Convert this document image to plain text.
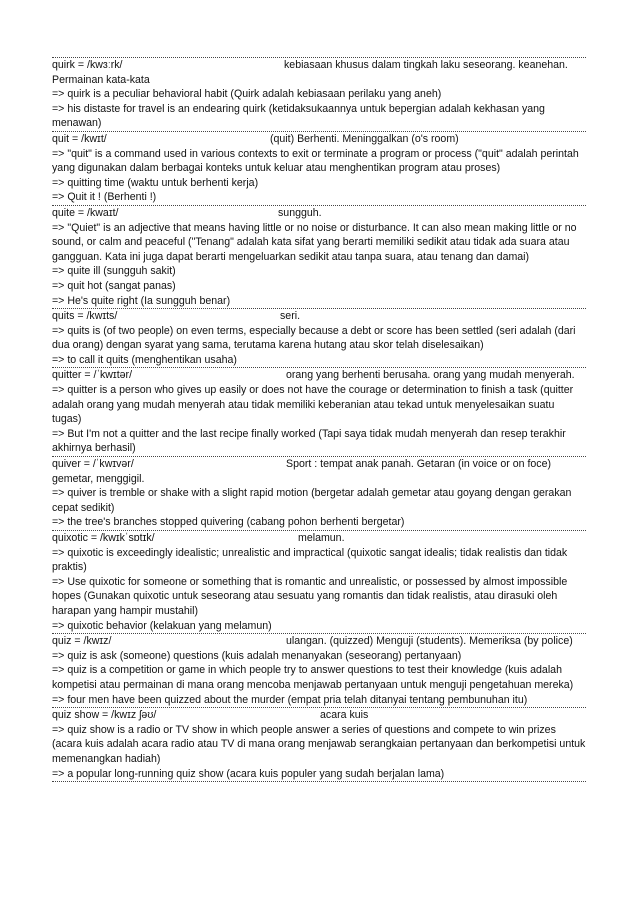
quirk = /kwɜːrk/	kebiasaan khusus dalam tingkah laku seseorang. keanehan. Permainan kata-kata
=> quirk is a peculiar behavioral habit (Quirk adalah kebiasaan perilaku yang aneh)
=> his distaste for travel is an endearing quirk (ketidaksukaannya untuk bepergian adalah kekhasan yang menawan)
quit = /kwɪt/	(quit) Berhenti. Meninggalkan (o's room)
=> "quit" is a command used in various contexts to exit or terminate a program or process ("quit" adalah perintah yang digunakan dalam berbagai konteks untuk keluar atau menghentikan program atau proses)
=> quitting time (waktu untuk berhenti kerja)
=> Quit it ! (Berhenti !)
quite = /kwaɪt/	sungguh.
=> "Quiet" is an adjective that means having little or no noise or disturbance. It can also mean making little or no sound, or calm and peaceful ("Tenang" adalah kata sifat yang berarti memiliki sedikit atau tidak ada suara atau gangguan. Kata ini juga dapat berarti mengeluarkan sedikit atau tanpa suara, atau tenang dan damai)
=> quite ill (sungguh sakit)
=> quit hot (sangat panas)
=> He's quite right (Ia sungguh benar)
quits = /kwɪts/	seri.
=> quits is (of two people) on even terms, especially because a debt or score has been settled (seri adalah (dari dua orang) dengan syarat yang sama, terutama karena hutang atau skor telah diselesaikan)
=> to call it quits (menghentikan usaha)
quitter = /ˈkwɪtər/	orang yang berhenti berusaha. orang yang mudah menyerah.
=> quitter is a person who gives up easily or does not have the courage or determination to finish a task (quitter adalah orang yang mudah menyerah atau tidak memiliki keberanian atau tekad untuk menyelesaikan suatu tugas)
=> But I'm not a quitter and the last recipe finally worked (Tapi saya tidak mudah menyerah dan resep terakhir akhirnya berhasil)
quiver = /ˈkwɪvər/	Sport : tempat anak panah. Getaran (in voice or on foce) gemetar, menggigil.
=> quiver is tremble or shake with a slight rapid motion (bergetar adalah gemetar atau goyang dengan gerakan cepat sedikit)
=> the tree's branches stopped quivering (cabang pohon berhenti bergetar)
quixotic = /kwɪkˈsɒtɪk/	melamun.
=> quixotic is exceedingly idealistic; unrealistic and impractical (quixotic sangat idealis; tidak realistis dan tidak praktis)
=> Use quixotic for someone or something that is romantic and unrealistic, or possessed by almost impossible hopes (Gunakan quixotic untuk seseorang atau sesuatu yang romantis dan tidak realistis, atau dirasuki oleh harapan yang hampir mustahil)
=> quixotic behavior (kelakuan yang melamun)
quiz = /kwɪz/	ulangan. (quizzed) Menguji (students). Memeriksa (by police)
=> quiz is ask (someone) questions (kuis adalah menanyakan (seseorang) pertanyaan)
=> quiz is a competition or game in which people try to answer questions to test their knowledge (kuis adalah kompetisi atau permainan di mana orang mencoba menjawab pertanyaan untuk menguji pengetahuan mereka)
=> four men have been quizzed about the murder (empat pria telah ditanyai tentang pembunuhan itu)
quiz show = /kwɪz ʃəʊ/	acara kuis
=> quiz show is a radio or TV show in which people answer a series of questions and compete to win prizes (acara kuis adalah acara radio atau TV di mana orang menjawab serangkaian pertanyaan dan berkompetisi untuk memenangkan hadiah)
=> a popular long-running quiz show (acara kuis populer yang sudah berjalan lama)
